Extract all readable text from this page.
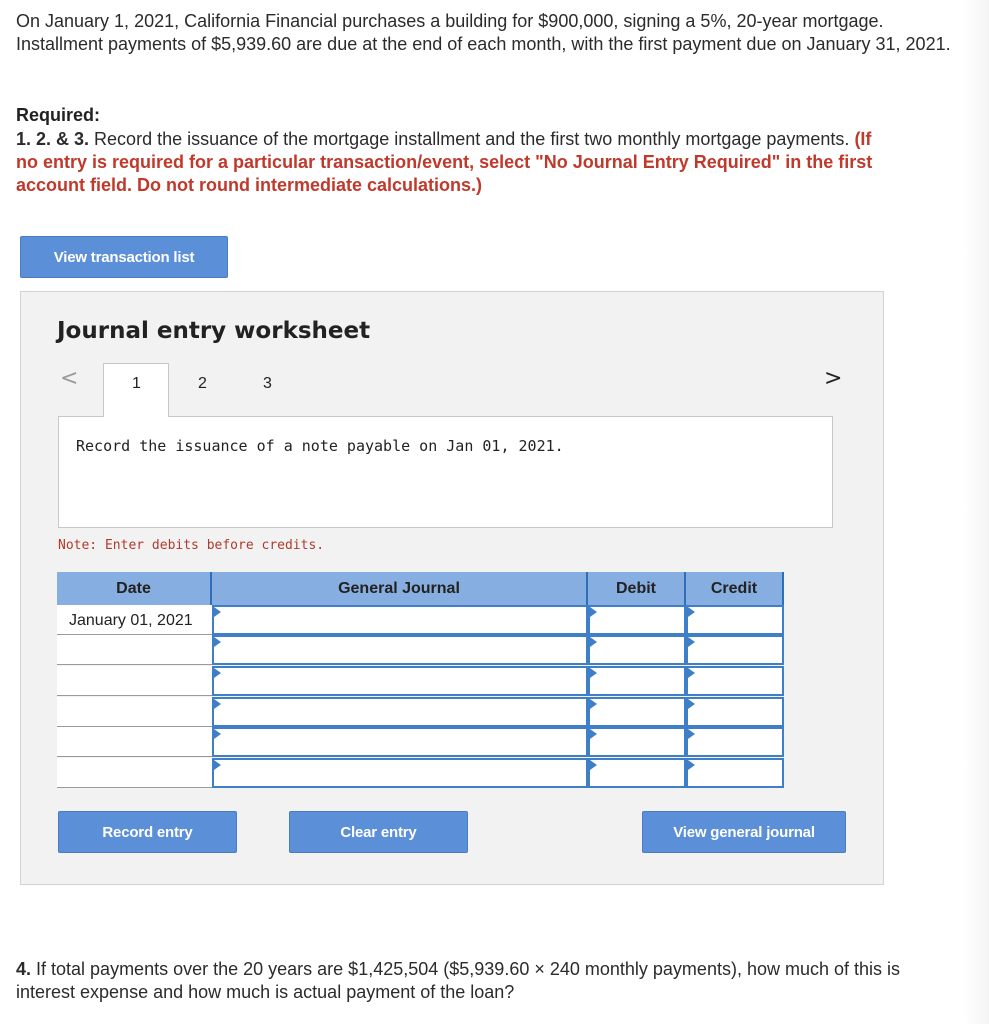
On January 1, 2021, California Financial purchases a building for $900,000, signing a 5%, 20-year mortgage. Installment payments of $5,939.60 are due at the end of each month, with the first payment due on January 31, 2021.

Required:
1. 2. & 3. Record the issuance of the mortgage installment and the first two monthly mortgage payments. (If no entry is required for a particular transaction/event, select "No Journal Entry Required" in the first account field. Do not round intermediate calculations.)
View transaction list
Journal entry worksheet
<	>
1	2	3
Record the issuance of a note payable on Jan 01, 2021.
Note: Enter debits before credits.
Date	General Journal	Debit	Credit
January 01, 2021
Record entry	Clear entry	View general journal
4. If total payments over the 20 years are $1,425,504 ($5,939.60 × 240 monthly payments), how much of this is interest expense and how much is actual payment of the loan?
